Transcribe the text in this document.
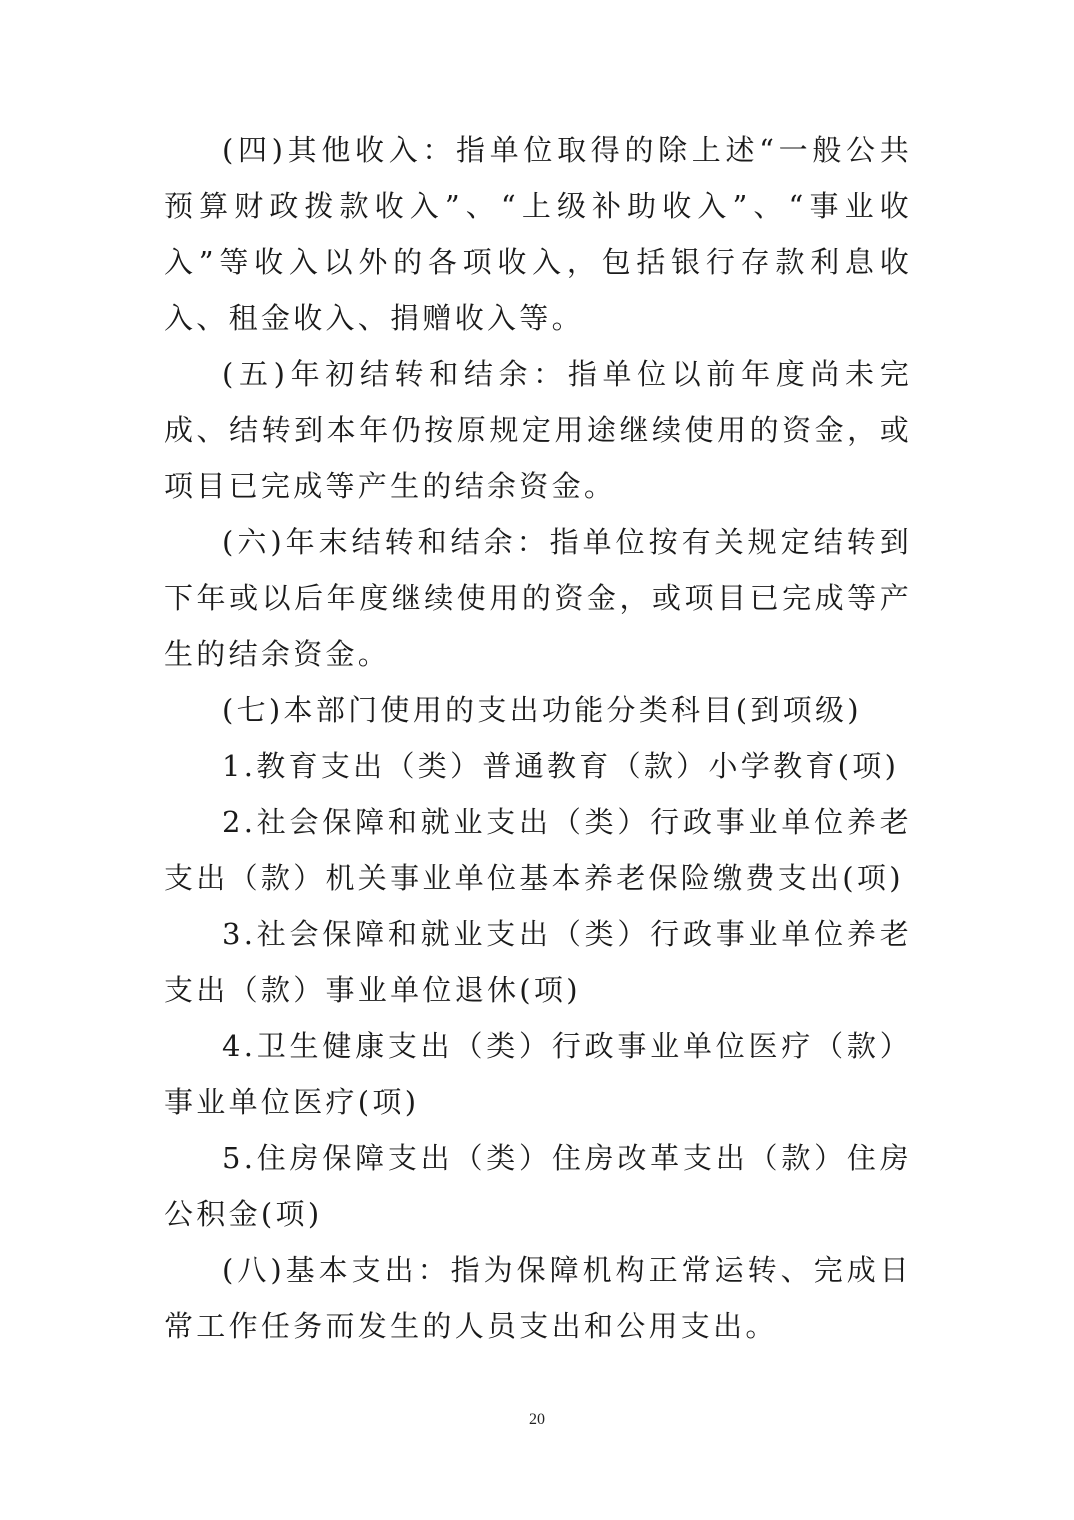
(四)其他收入：指单位取得的除上述“一般公共预算财政拨款收入”、“上级补助收入”、“事业收入”等收入以外的各项收入，包括银行存款利息收入、租金收入、捐赠收入等。

(五)年初结转和结余：指单位以前年度尚未完成、结转到本年仍按原规定用途继续使用的资金，或项目已完成等产生的结余资金。

(六)年末结转和结余：指单位按有关规定结转到下年或以后年度继续使用的资金，或项目已完成等产生的结余资金。

(七)本部门使用的支出功能分类科目(到项级)

1.教育支出（类）普通教育（款）小学教育(项)

2.社会保障和就业支出（类）行政事业单位养老支出（款）机关事业单位基本养老保险缴费支出(项)

3.社会保障和就业支出（类）行政事业单位养老支出（款）事业单位退休(项)

4.卫生健康支出（类）行政事业单位医疗（款）事业单位医疗(项)

5.住房保障支出（类）住房改革支出（款）住房公积金(项)

(八)基本支出：指为保障机构正常运转、完成日常工作任务而发生的人员支出和公用支出。

20
